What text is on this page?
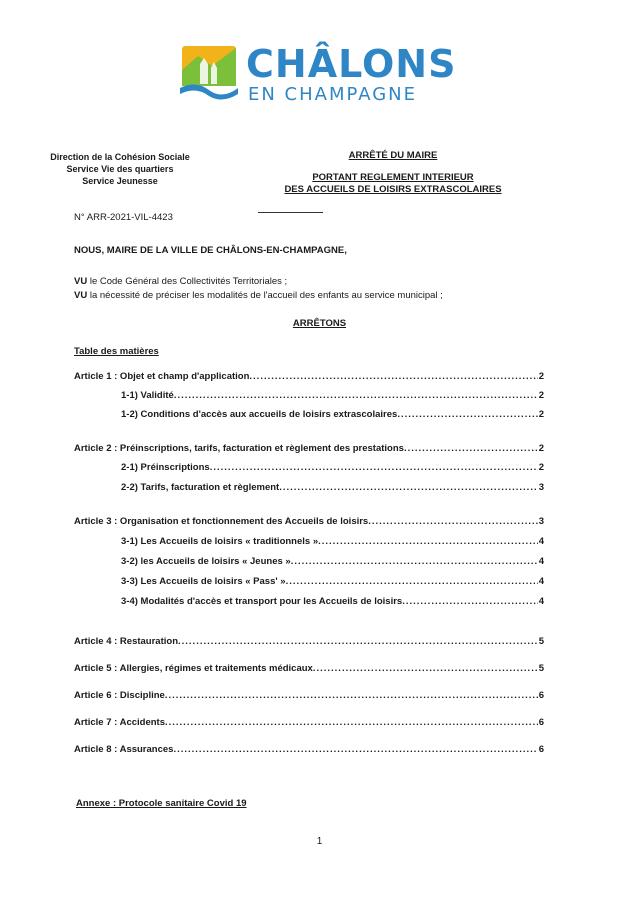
CHÂLONS
EN CHAMPAGNE
Direction de la Cohésion Sociale
Service Vie des quartiers
Service Jeunesse
ARRÊTÉ DU MAIRE
PORTANT REGLEMENT INTERIEUR
DES ACCUEILS DE LOISIRS EXTRASCOLAIRES
N° ARR-2021-VIL-4423
NOUS, MAIRE DE LA VILLE DE CHÂLONS-EN-CHAMPAGNE,
VU le Code Général des Collectivités Territoriales ;
VU la nécessité de préciser les modalités de l'accueil des enfants au service municipal ;
ARRÊTONS
Table des matières
Article 1 : Objet et champ d'application .....	2
1-1) Validité .....	2
1-2) Conditions d'accès aux accueils de loisirs extrascolaires .....	2
Article 2 : Préinscriptions, tarifs, facturation et règlement des prestations .....	2
2-1) Préinscriptions .....	2
2-2) Tarifs, facturation et règlement .....	3
Article 3 : Organisation et fonctionnement des Accueils de loisirs .....	3
3-1) Les Accueils de loisirs « traditionnels » .....	4
3-2) les Accueils de loisirs « Jeunes » .....	4
3-3) Les Accueils de loisirs « Pass' » .....	4
3-4) Modalités d'accès et transport pour les Accueils de loisirs .....	4
Article 4 : Restauration .....	5
Article 5 : Allergies, régimes et traitements médicaux .....	5
Article 6 : Discipline .....	6
Article 7 : Accidents .....	6
Article 8 : Assurances .....	6
Annexe : Protocole sanitaire Covid 19
1
